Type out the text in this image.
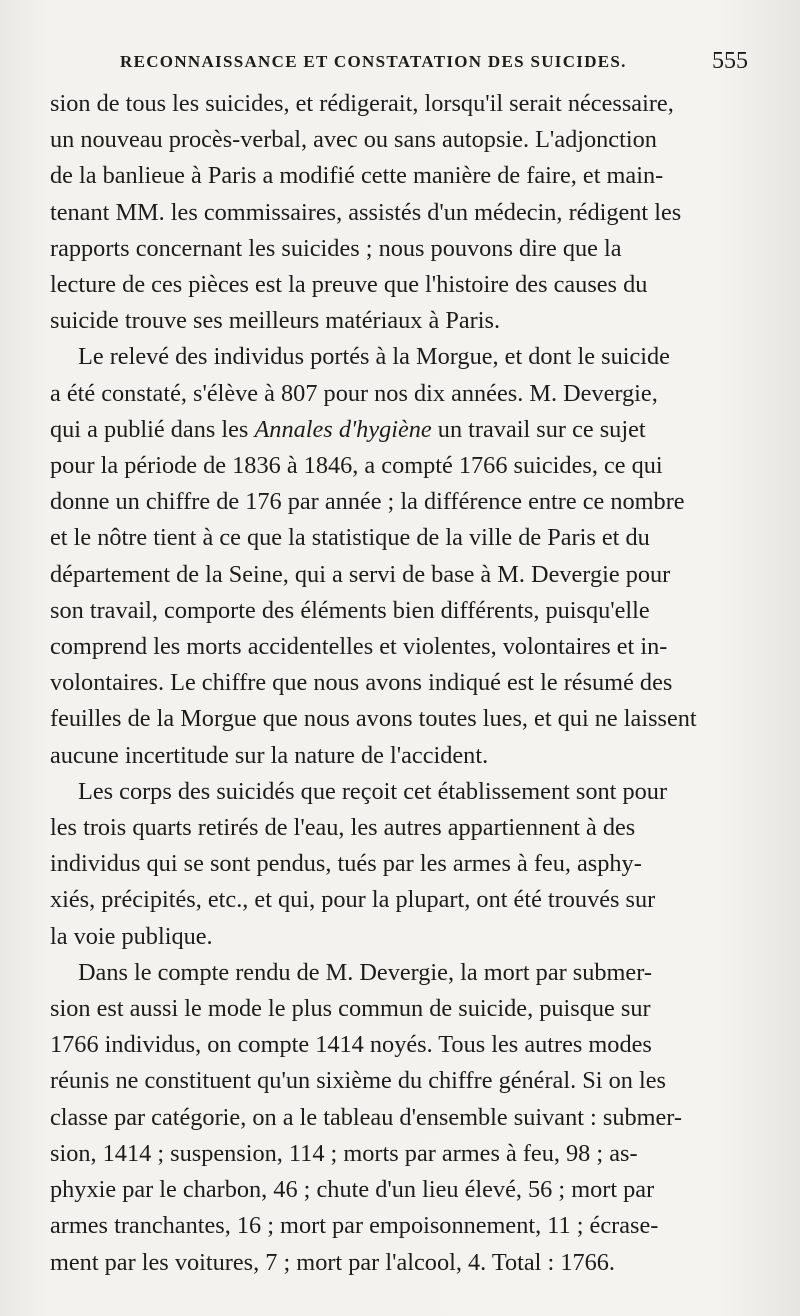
RECONNAISSANCE ET CONSTATATION DES SUICIDES.	555
sion de tous les suicides, et rédigerait, lorsqu'il serait nécessaire,
un nouveau procès-verbal, avec ou sans autopsie. L'adjonction
de la banlieue à Paris a modifié cette manière de faire, et main-
tenant MM. les commissaires, assistés d'un médecin, rédigent les
rapports concernant les suicides ; nous pouvons dire que la
lecture de ces pièces est la preuve que l'histoire des causes du
suicide trouve ses meilleurs matériaux à Paris.
Le relevé des individus portés à la Morgue, et dont le suicide
a été constaté, s'élève à 807 pour nos dix années. M. Devergie,
qui a publié dans les Annales d'hygiène un travail sur ce sujet
pour la période de 1836 à 1846, a compté 1766 suicides, ce qui
donne un chiffre de 176 par année ; la différence entre ce nombre
et le nôtre tient à ce que la statistique de la ville de Paris et du
département de la Seine, qui a servi de base à M. Devergie pour
son travail, comporte des éléments bien différents, puisqu'elle
comprend les morts accidentelles et violentes, volontaires et in-
volontaires. Le chiffre que nous avons indiqué est le résumé des
feuilles de la Morgue que nous avons toutes lues, et qui ne laissent
aucune incertitude sur la nature de l'accident.
Les corps des suicidés que reçoit cet établissement sont pour
les trois quarts retirés de l'eau, les autres appartiennent à des
individus qui se sont pendus, tués par les armes à feu, asphy-
xiés, précipités, etc., et qui, pour la plupart, ont été trouvés sur
la voie publique.
Dans le compte rendu de M. Devergie, la mort par submer-
sion est aussi le mode le plus commun de suicide, puisque sur
1766 individus, on compte 1414 noyés. Tous les autres modes
réunis ne constituent qu'un sixième du chiffre général. Si on les
classe par catégorie, on a le tableau d'ensemble suivant : submer-
sion, 1414 ; suspension, 114 ; morts par armes à feu, 98 ; as-
phyxie par le charbon, 46 ; chute d'un lieu élevé, 56 ; mort par
armes tranchantes, 16 ; mort par empoisonnement, 11 ; écrase-
ment par les voitures, 7 ; mort par l'alcool, 4. Total : 1766.
